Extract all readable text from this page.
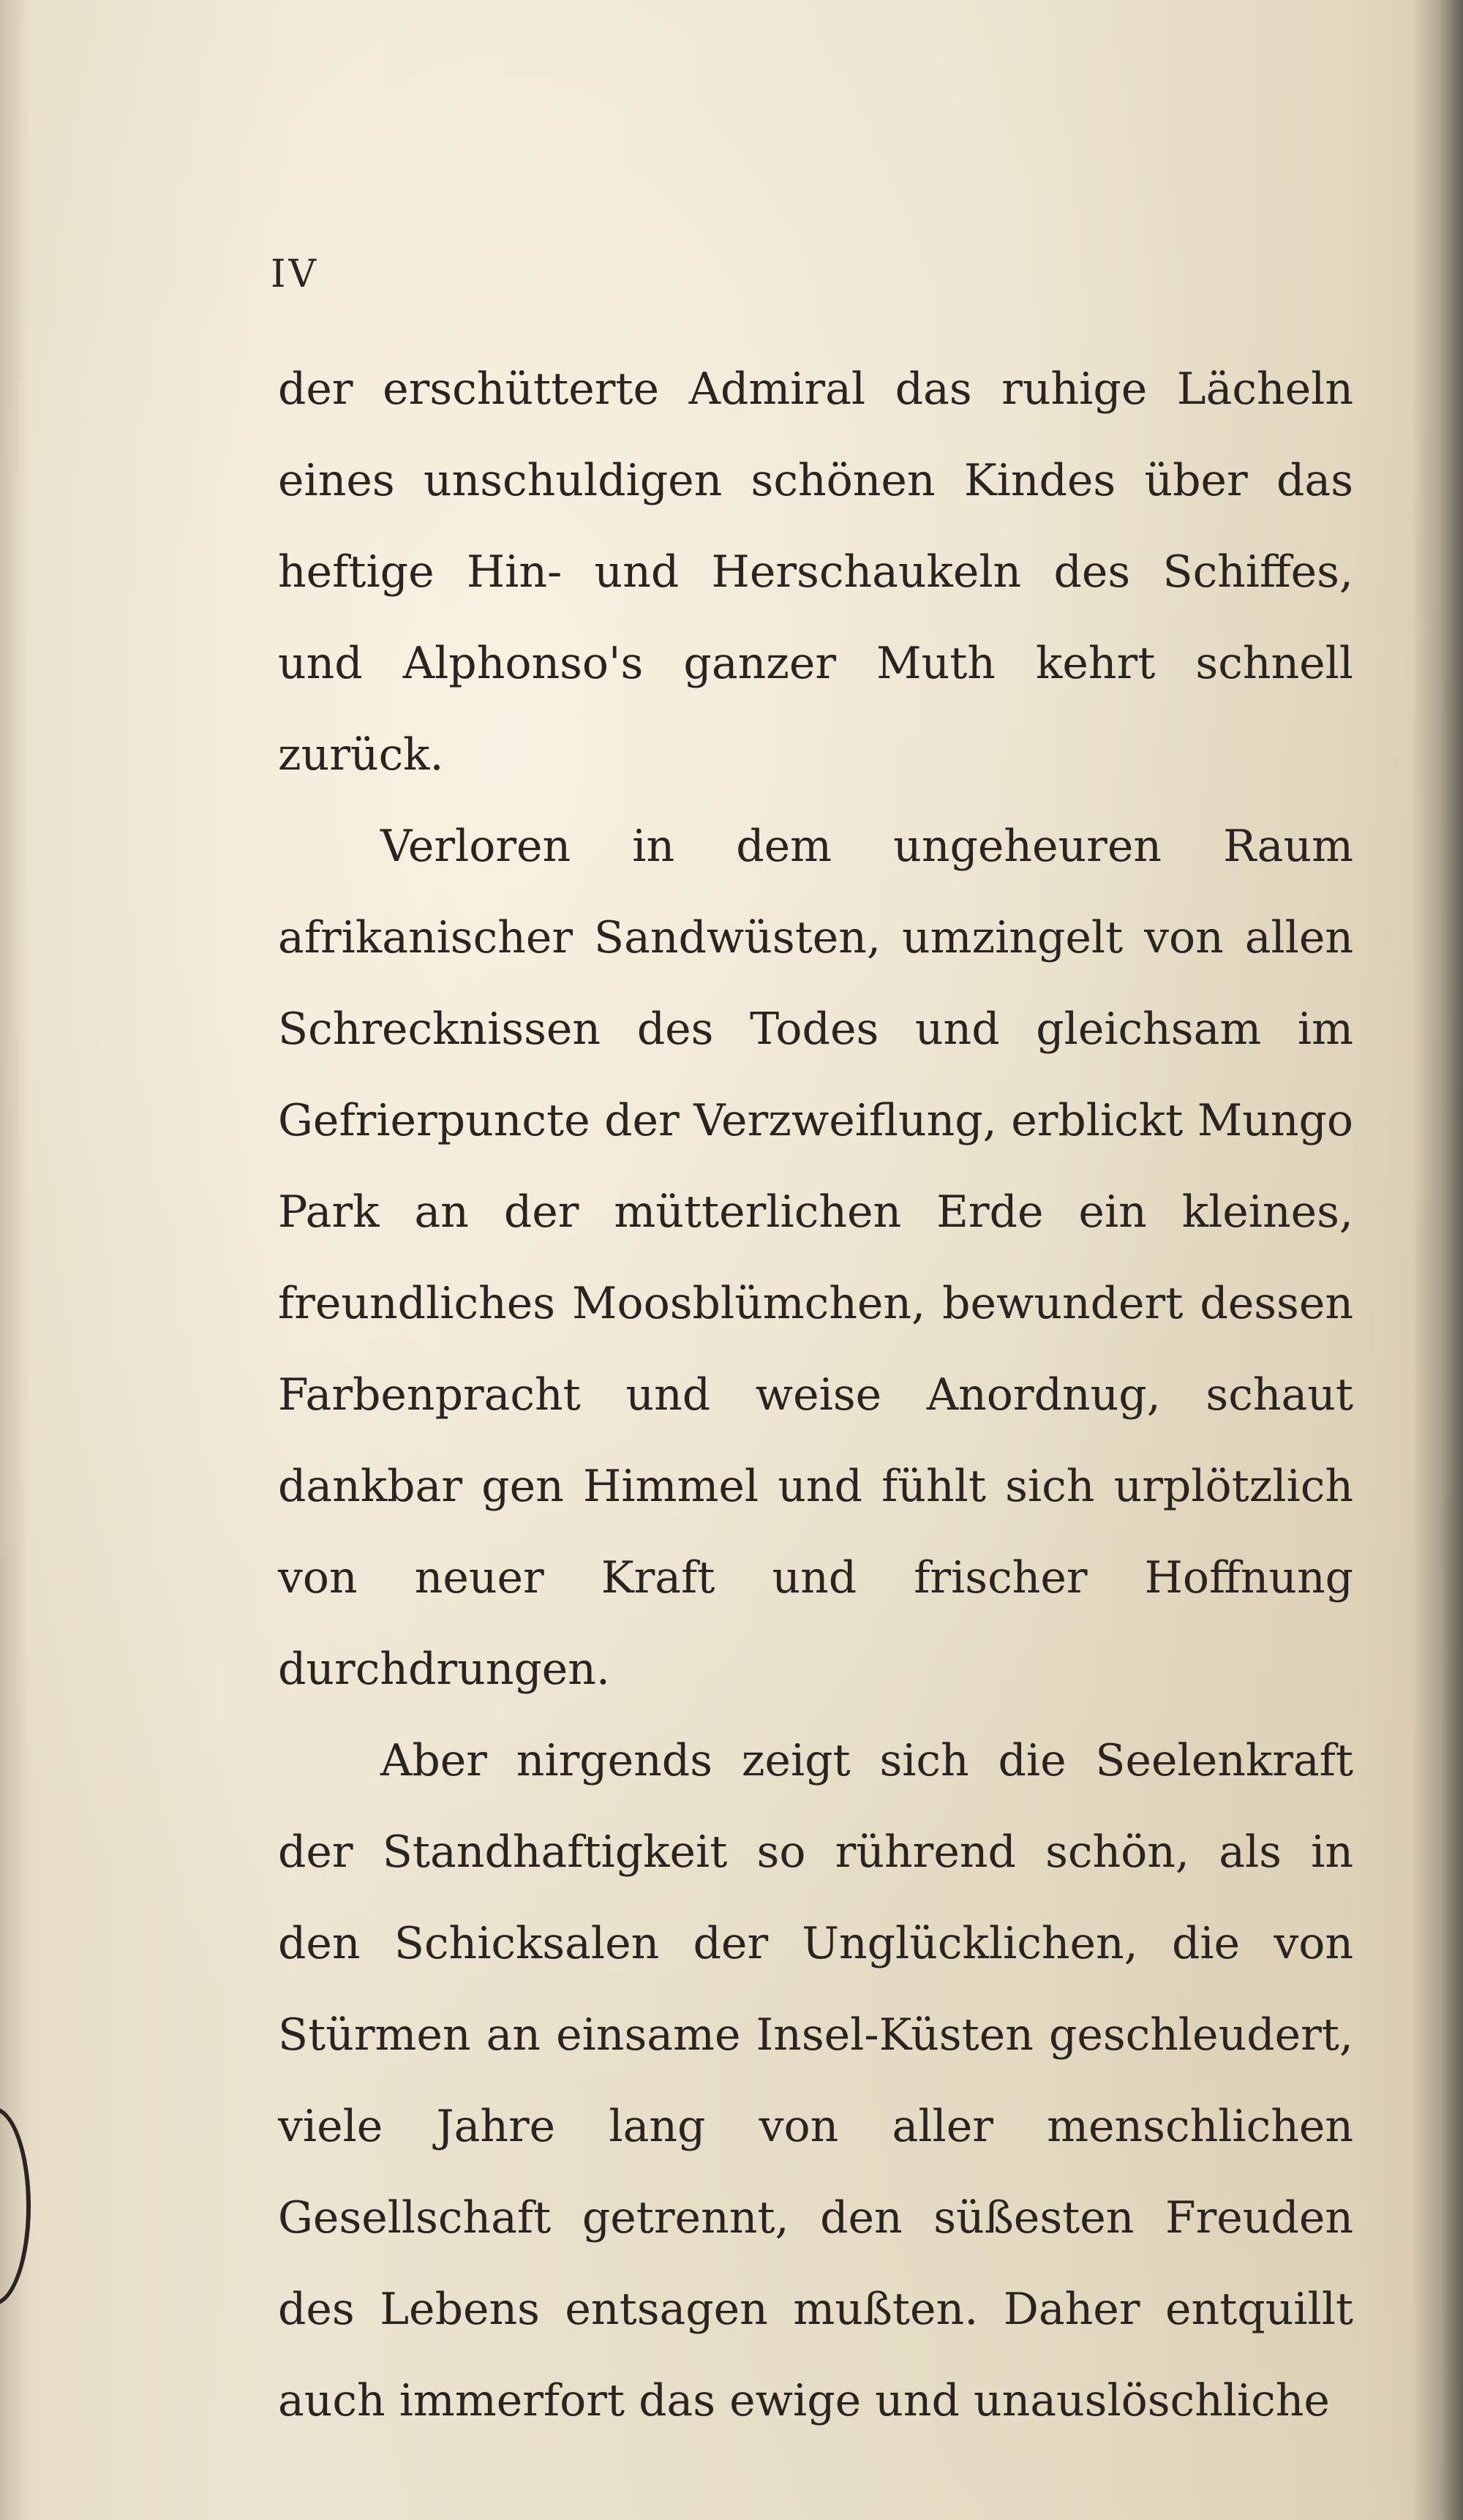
IV

der erschütterte Admiral das ruhige Lächeln eines unschuldigen schönen Kindes über das heftige Hin- und Herschaukeln des Schiffes, und Alphonso's ganzer Muth kehrt schnell zurück.

Verloren in dem ungeheuren Raum afrikanischer Sandwüsten, umzingelt von allen Schrecknissen des Todes und gleichsam im Gefrierpuncte der Verzweiflung, erblickt Mungo Park an der mütterlichen Erde ein kleines, freundliches Moosblümchen, bewundert dessen Farbenpracht und weise Anordnug, schaut dankbar gen Himmel und fühlt sich urplötzlich von neuer Kraft und frischer Hoffnung durchdrungen.

Aber nirgends zeigt sich die Seelenkraft der Standhaftigkeit so rührend schön, als in den Schicksalen der Unglücklichen, die von Stürmen an einsame Insel-Küsten geschleudert, viele Jahre lang von aller menschlichen Gesellschaft getrennt, den süßesten Freuden des Lebens entsagen mußten. Daher entquillt auch immerfort das ewige und unauslöschliche
